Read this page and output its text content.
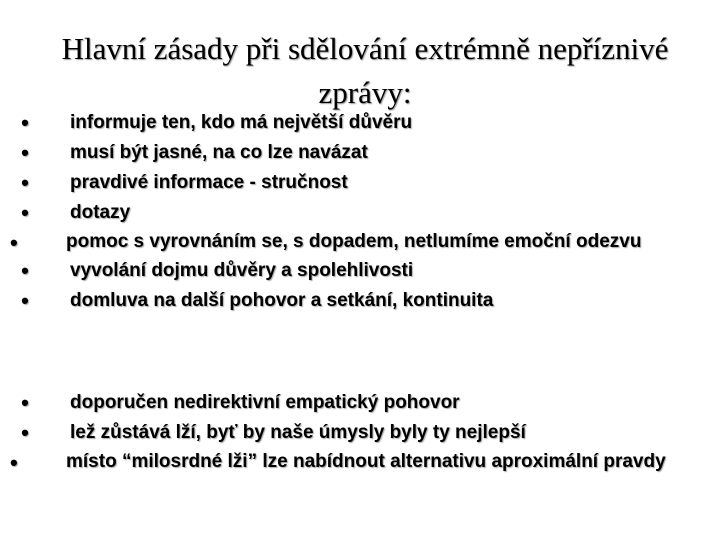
Hlavní zásady při sdělování extrémně nepříznivé zprávy:
•	informuje ten, kdo má největší důvěru
•	musí být jasné, na co lze navázat
•	pravdivé informace - stručnost
•	dotazy
•	pomoc s vyrovnáním se, s dopadem, netlumíme emoční odezvu
•	vyvolání dojmu důvěry a spolehlivosti
•	domluva na další pohovor a setkání, kontinuita
•	doporučen nedirektivní empatický pohovor
•	lež zůstává lží, byť by naše úmysly byly ty nejlepší
•	místo “milosrdné lži” lze nabídnout alternativu aproximální pravdy
